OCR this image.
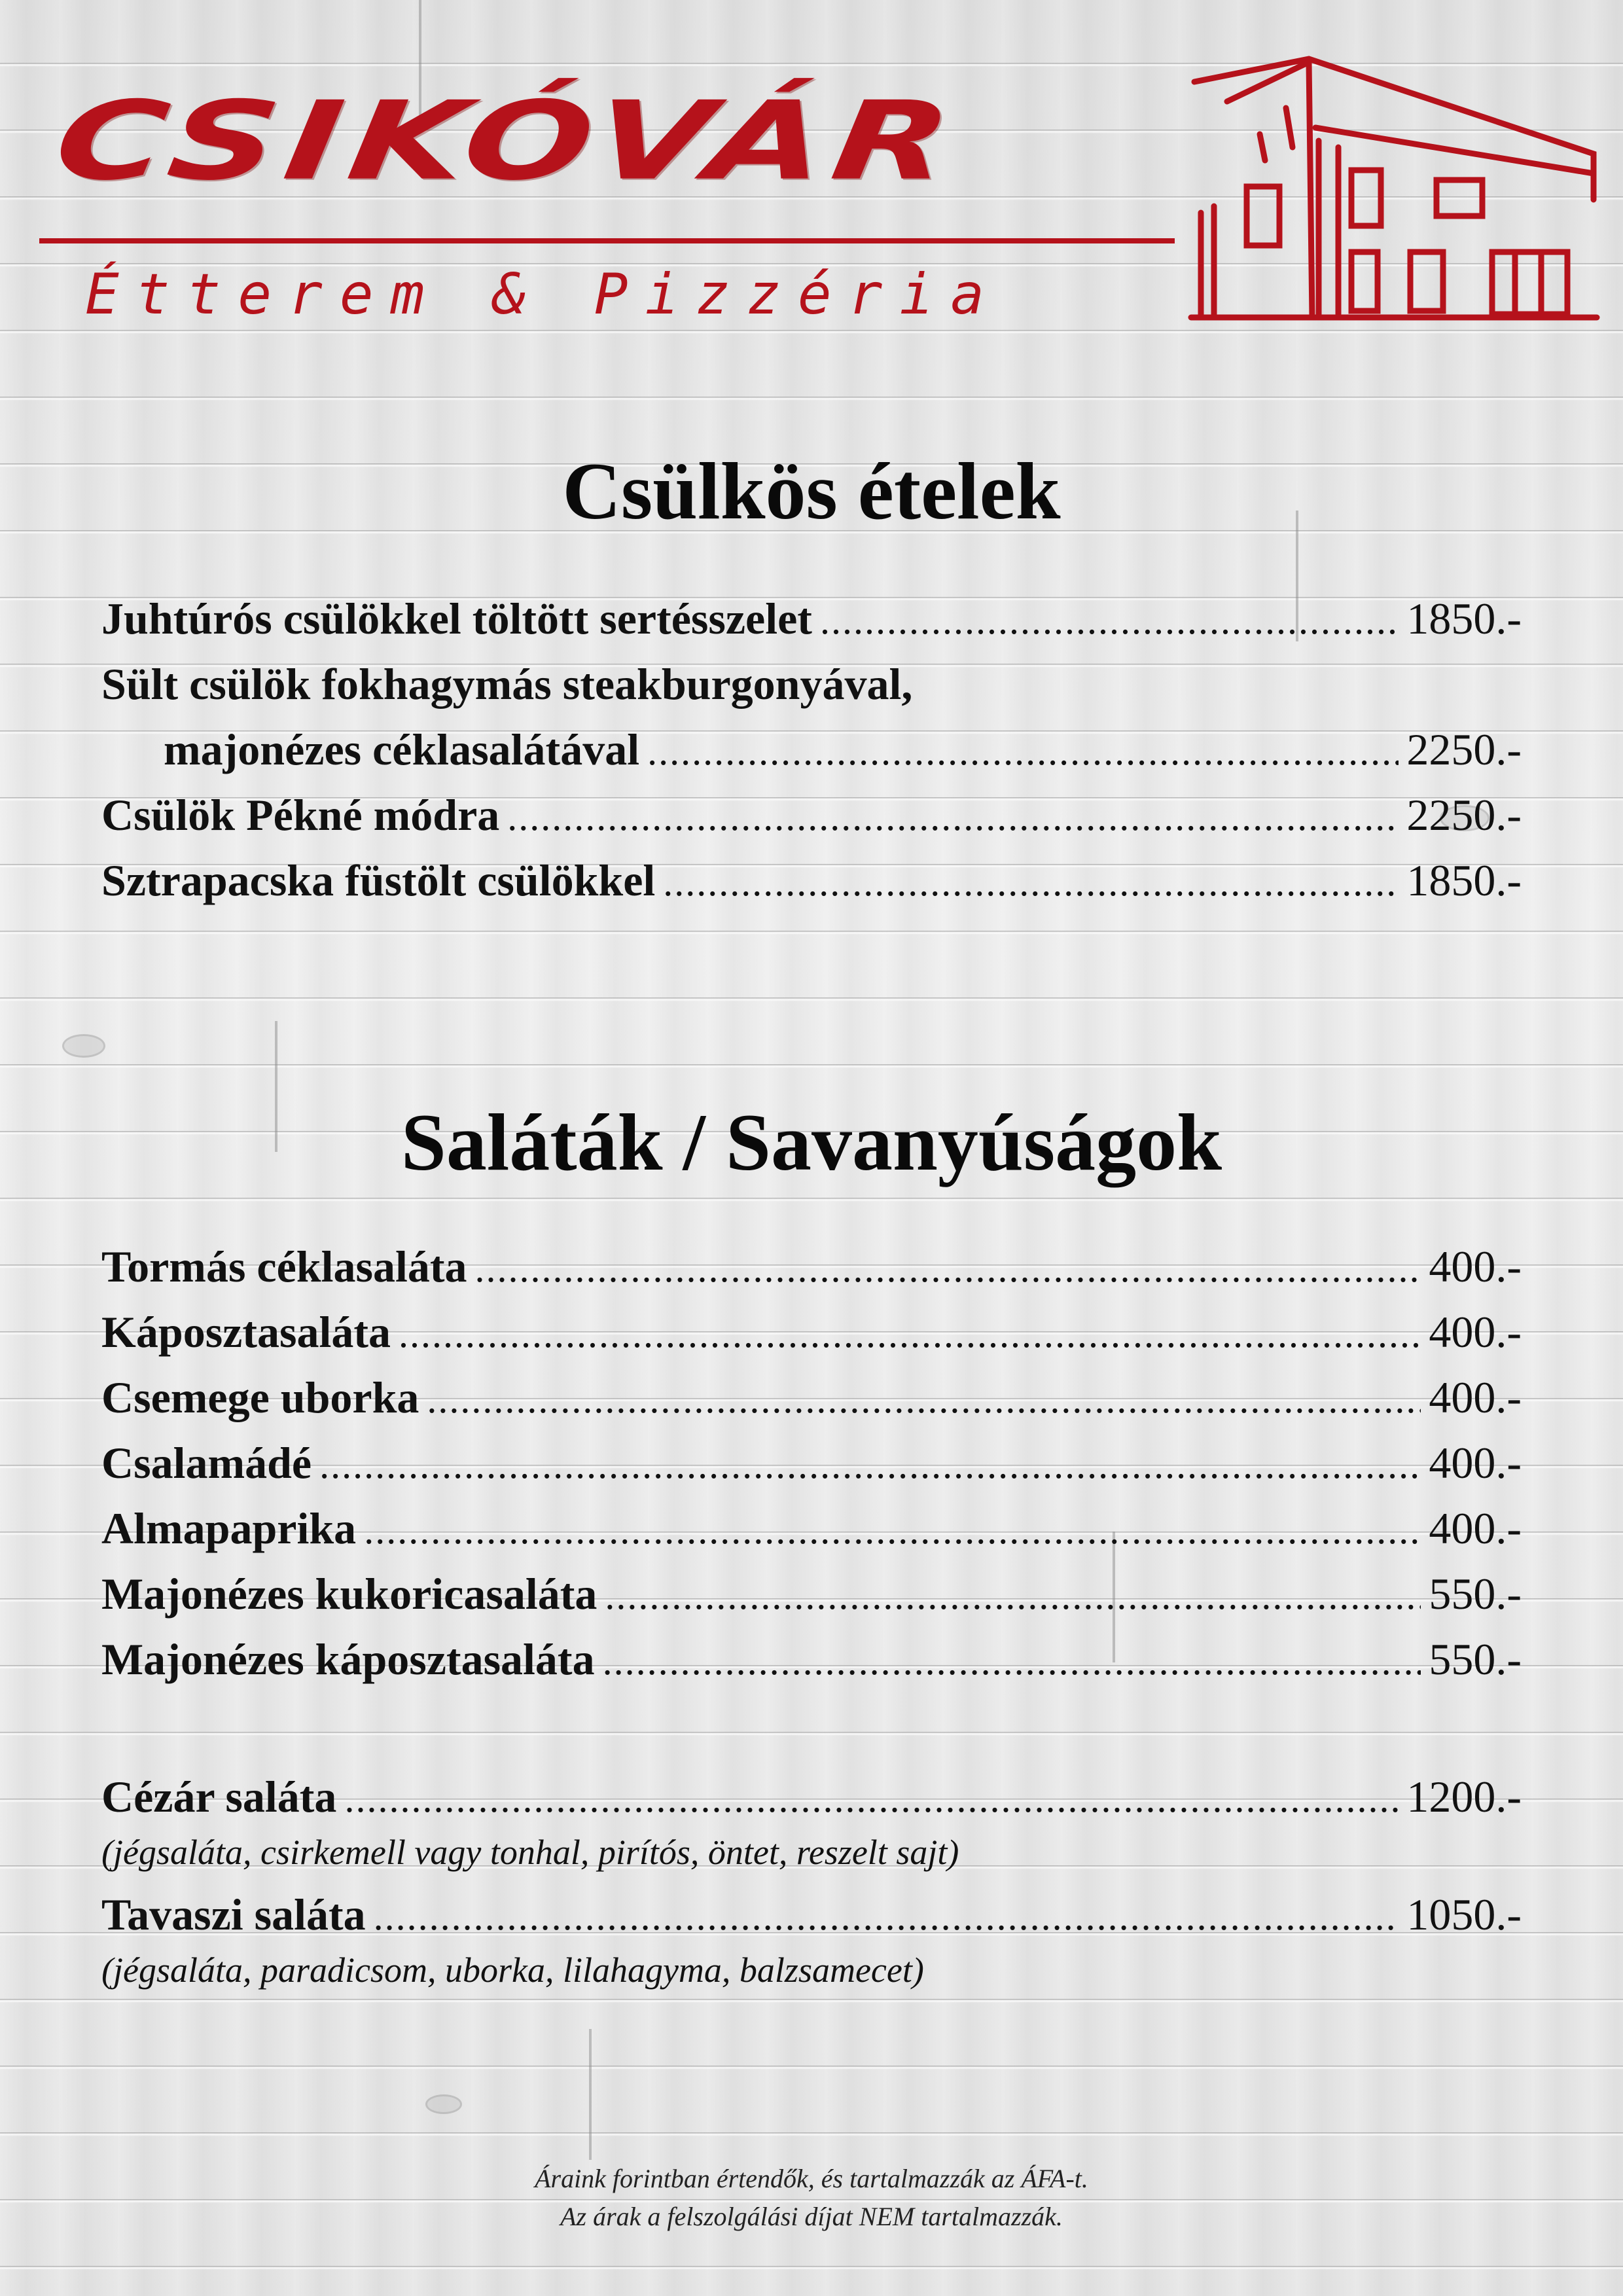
CSIKÓVÁR
Étterem & Pizzéria
Csülkös ételek
Juhtúrós csülökkel töltött sertésszelet .....	1850.-
Sült csülök fokhagymás steakburgonyával,
majonézes céklasalátával .....	2250.-
Csülök Pékné módra .....	2250.-
Sztrapacska füstölt csülökkel .....	1850.-
Saláták / Savanyúságok
Tormás céklasaláta .....	400.-
Káposztasaláta .....	400.-
Csemege uborka .....	400.-
Csalamádé .....	400.-
Almapaprika .....	400.-
Majonézes kukoricasaláta .....	550.-
Majonézes káposztasaláta .....	550.-
Cézár saláta .....	1200.-
(jégsaláta, csirkemell vagy tonhal, pirítós, öntet, reszelt sajt)
Tavaszi saláta .....	1050.-
(jégsaláta, paradicsom, uborka, lilahagyma, balzsamecet)
Áraink forintban értendők, és tartalmazzák az ÁFA-t.
Az árak a felszolgálási díjat NEM tartalmazzák.
